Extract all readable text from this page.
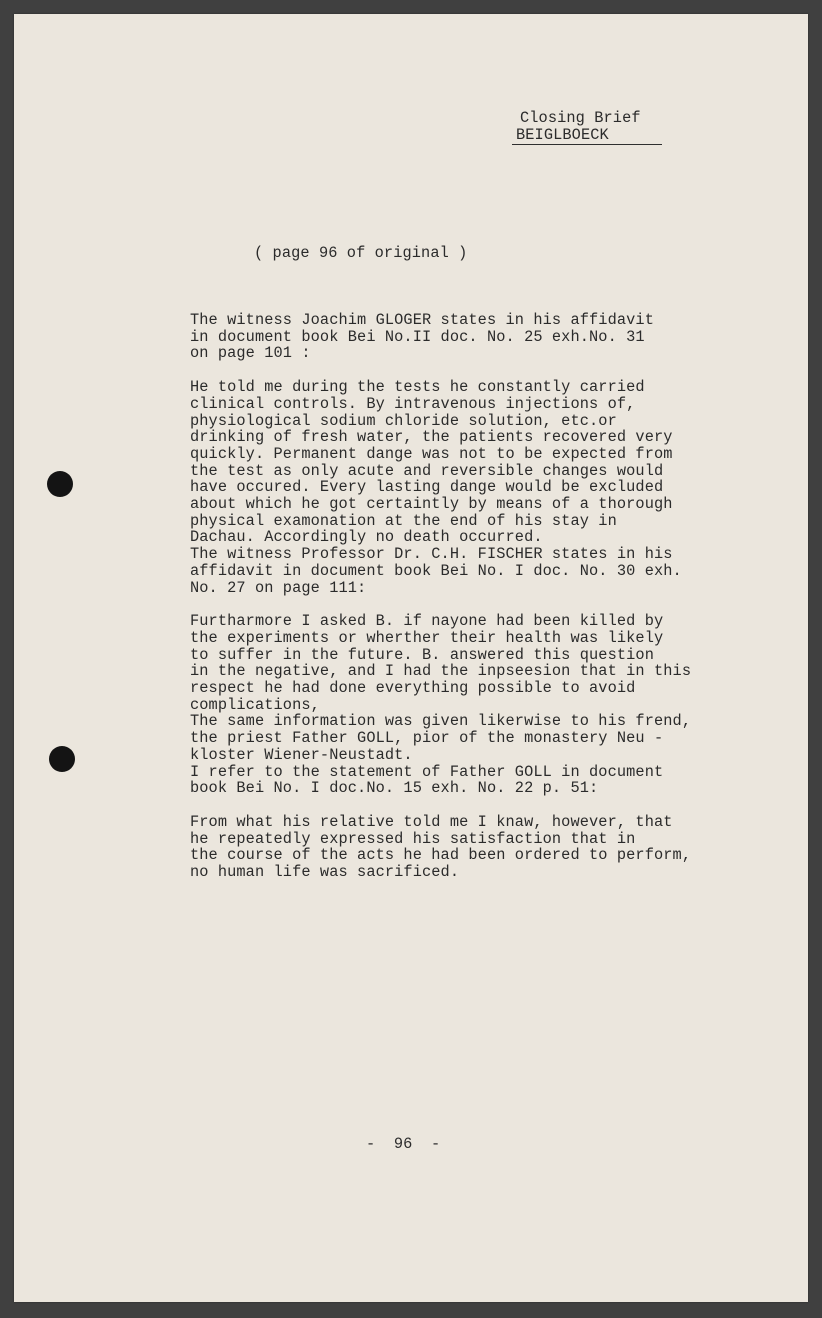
Closing Brief
BEIGLBOECK
( page 96 of original )

The witness Joachim GLOGER states in his affidavit
in document book Bei No.II doc. No. 25 exh.No. 31
on page 101 :

He told me during the tests he constantly carried
clinical controls. By intravenous injections of,
physiological sodium chloride solution, etc.or
drinking of fresh water, the patients recovered very
quickly. Permanent dange was not to be expected from
the test as only acute and reversible changes would
have occured. Every lasting dange would be excluded
about which he got certaintly by means of a thorough
physical examonation at the end of his stay in
Dachau. Accordingly no death occurred.
The witness Professor Dr. C.H. FISCHER states in his
affidavit in document book Bei No. I doc. No. 30 exh.
No. 27 on page 111:

Furtharmore I asked B. if nayone had been killed by
the experiments or wherther their health was likely
to suffer in the future. B. answered this question
in the negative, and I had the inpseesion that in this
respect he had done everything possible to avoid
complications,
The same information was given likerwise to his frend,
the priest Father GOLL, pior of the monastery Neu -
kloster Wiener-Neustadt.
I refer to the statement of Father GOLL in document
book Bei No. I doc.No. 15 exh. No. 22 p. 51:

From what his relative told me I knaw, however, that
he repeatedly expressed his satisfaction that in
the course of the acts he had been ordered to perform,
no human life was sacrificed.

-  96  -
